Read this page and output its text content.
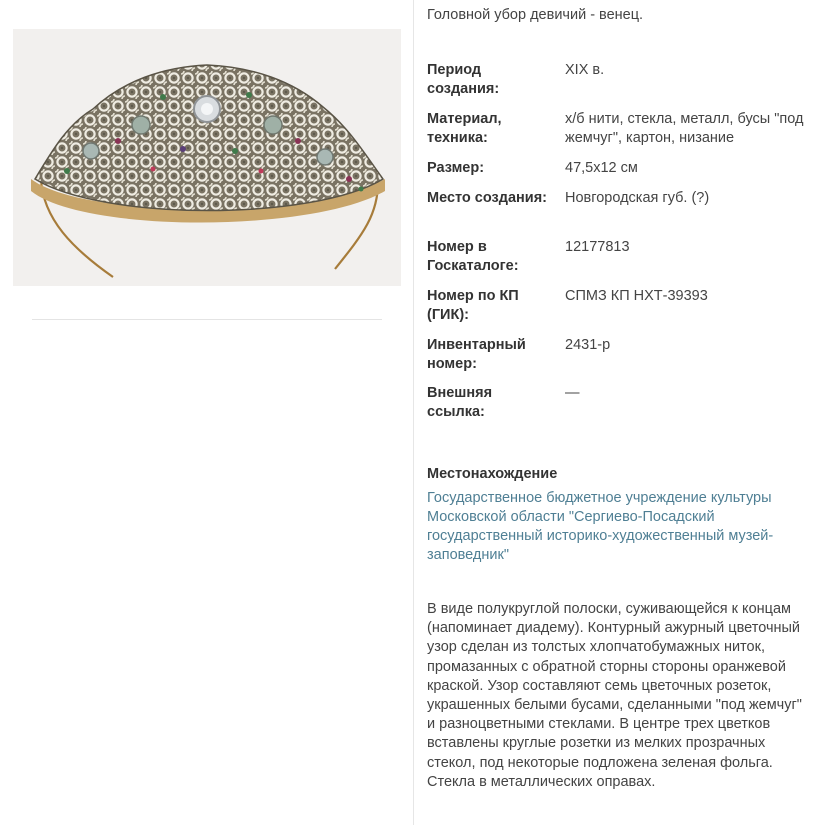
Головной убор девичий - венец.
Период создания:
XIX в.
Материал, техника:
х/б нити, стекла, металл, бусы "под жемчуг", картон, низание
Размер:	47,5х12 см
Место создания:	Новгородская губ. (?)
Номер в Госкаталоге:
12177813
Номер по КП (ГИК):
СПМЗ КП НХТ-39393
Инвентарный номер:
2431-р
Внешняя ссылка:
—
Местонахождение
Государственное бюджетное учреждение культуры Московской области "Сергиево-Посадский государственный историко-художественный музей-заповедник"
В виде полукруглой полоски, суживающейся к концам (напоминает диадему). Контурный ажурный цветочный узор сделан из толстых хлопчатобумажных ниток, промазанных с обратной сторны стороны оранжевой краской. Узор составляют семь цветочных розеток, украшенных белыми бусами, сделанными "под жемчуг" и разноцветными стеклами. В центре трех цветков вставлены круглые розетки из мелких прозрачных стекол, под некоторые подложена зеленая фольга. Стекла в металлических оправах.
